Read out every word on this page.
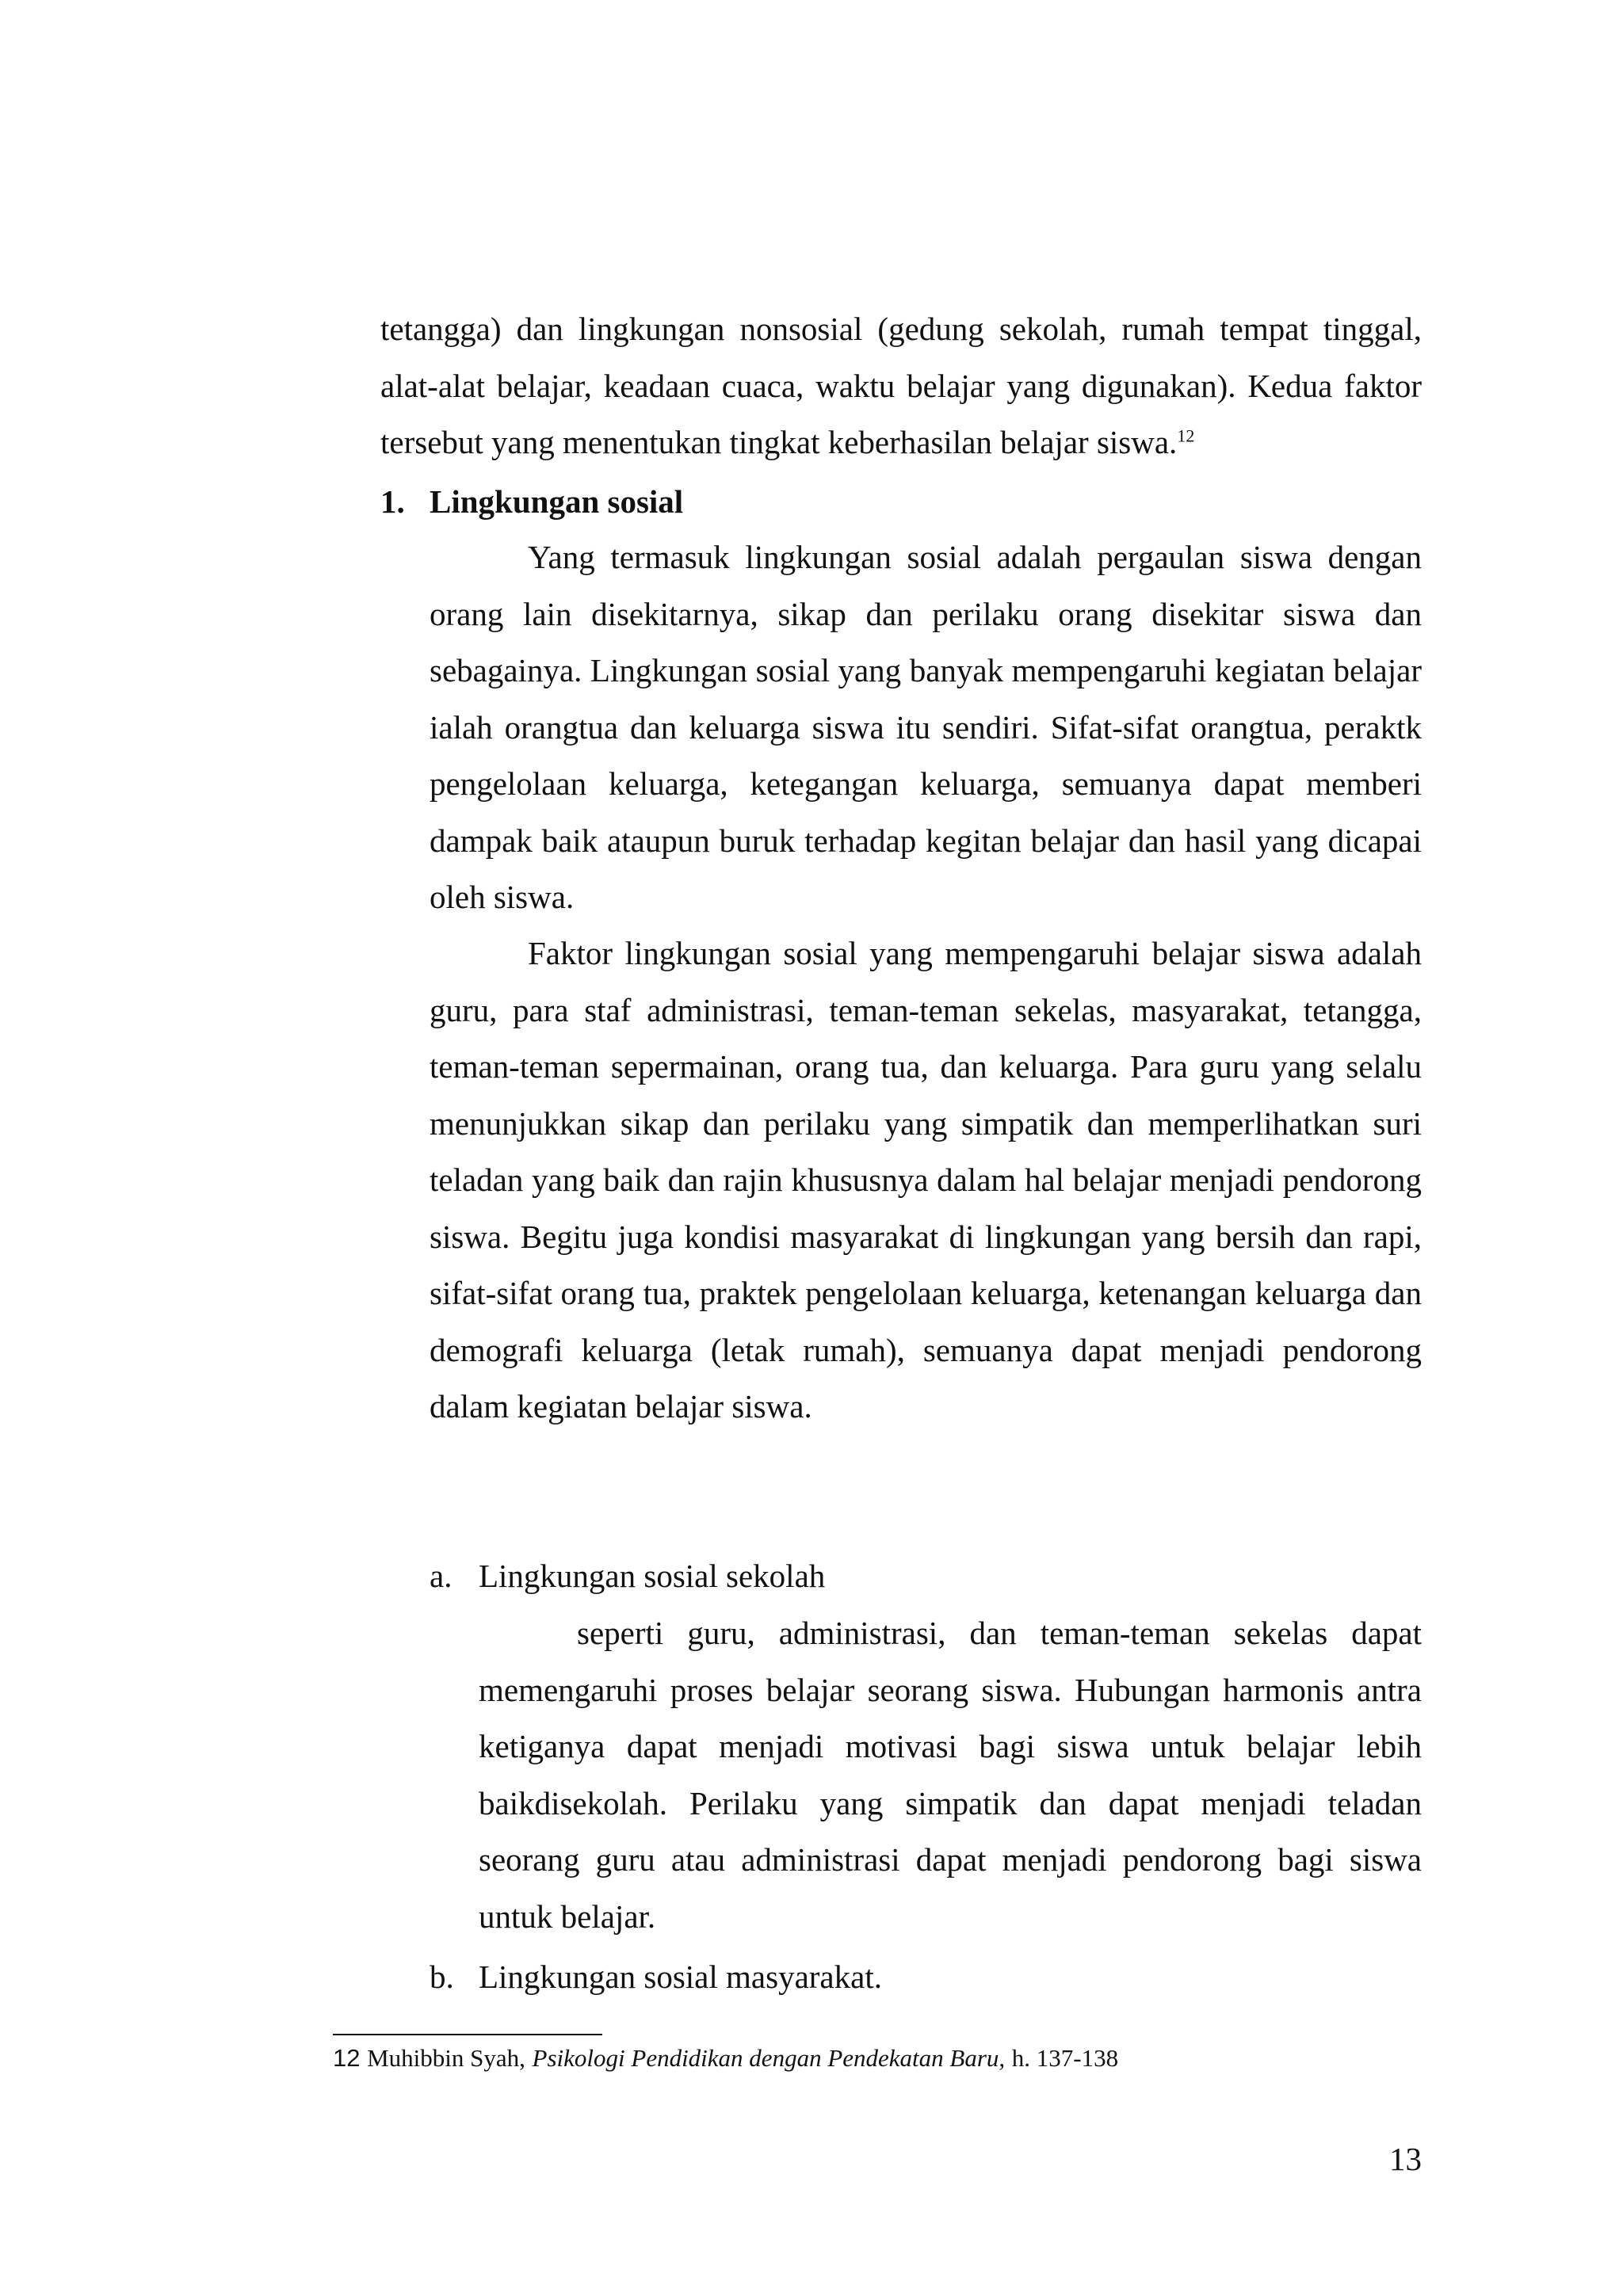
tetangga) dan lingkungan nonsosial (gedung sekolah, rumah tempat tinggal, alat-alat belajar, keadaan cuaca, waktu belajar yang digunakan). Kedua faktor tersebut yang menentukan tingkat keberhasilan belajar siswa.$^{12}$

1. Lingkungan sosial

Yang termasuk lingkungan sosial adalah pergaulan siswa dengan orang lain disekitarnya, sikap dan perilaku orang disekitar siswa dan sebagainya. Lingkungan sosial yang banyak mempengaruhi kegiatan belajar ialah orangtua dan keluarga siswa itu sendiri. Sifat-sifat orangtua, peraktk pengelolaan keluarga, ketegangan keluarga, semuanya dapat memberi dampak baik ataupun buruk terhadap kegitan belajar dan hasil yang dicapai oleh siswa.

Faktor lingkungan sosial yang mempengaruhi belajar siswa adalah guru, para staf administrasi, teman-teman sekelas, masyarakat, tetangga, teman-teman sepermainan, orang tua, dan keluarga. Para guru yang selalu menunjukkan sikap dan perilaku yang simpatik dan memperlihatkan suri teladan yang baik dan rajin khususnya dalam hal belajar menjadi pendorong siswa. Begitu juga kondisi masyarakat di lingkungan yang bersih dan rapi, sifat-sifat orang tua, praktek pengelolaan keluarga, ketenangan keluarga dan demografi keluarga (letak rumah), semuanya dapat menjadi pendorong dalam kegiatan belajar siswa.

a. Lingkungan sosial sekolah

seperti guru, administrasi, dan teman-teman sekelas dapat memengaruhi proses belajar seorang siswa. Hubungan harmonis antra ketiganya dapat menjadi motivasi bagi siswa untuk belajar lebih baikdisekolah. Perilaku yang simpatik dan dapat menjadi teladan seorang guru atau administrasi dapat menjadi pendorong bagi siswa untuk belajar.

b. Lingkungan sosial masyarakat.

12 Muhibbin Syah, Psikologi Pendidikan dengan Pendekatan Baru, h. 137-138

13
